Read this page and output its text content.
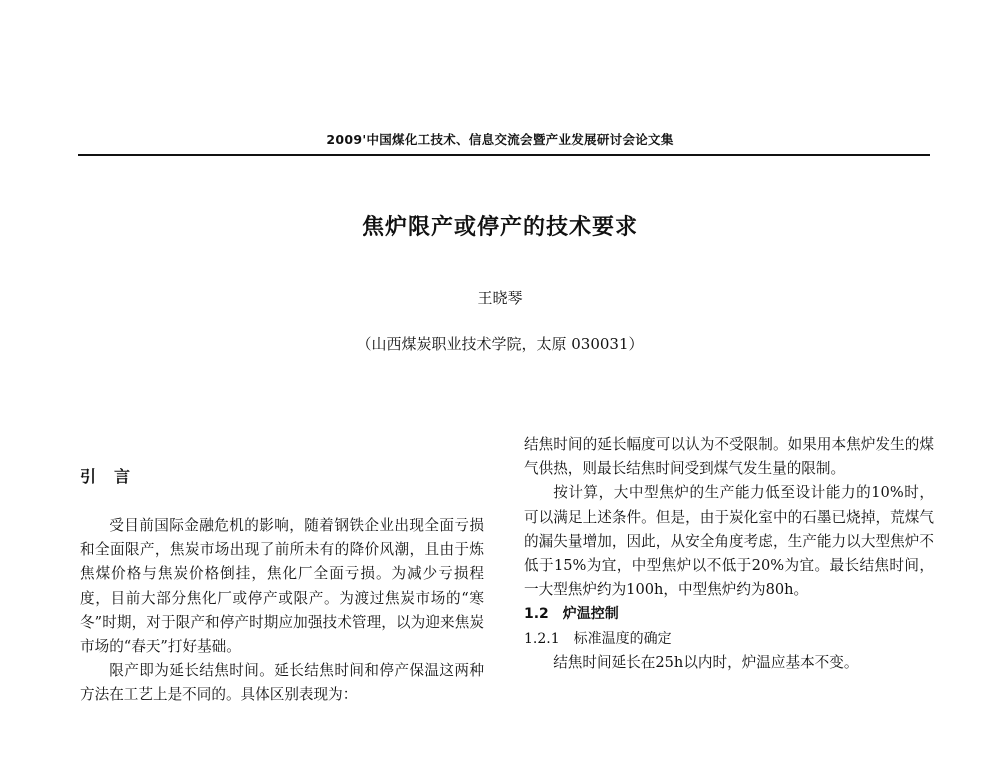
2009'中国煤化工技术、信息交流会暨产业发展研讨会论文集
焦炉限产或停产的技术要求
王晓琴
（山西煤炭职业技术学院，太原 030031）
引言

受目前国际金融危机的影响，随着钢铁企业出现全面亏损和全面限产，焦炭市场出现了前所未有的降价风潮，且由于炼焦煤价格与焦炭价格倒挂，焦化厂全面亏损。为减少亏损程度，目前大部分焦化厂或停产或限产。为渡过焦炭市场的“寒冬”时期，对于限产和停产时期应加强技术管理，以为迎来焦炭市场的“春天”打好基础。

限产即为延长结焦时间。延长结焦时间和停产保温这两种方法在工艺上是不同的。具体区别表现为：

结焦时间的延长幅度可以认为不受限制。如果用本焦炉发生的煤气供热，则最长结焦时间受到煤气发生量的限制。

按计算，大中型焦炉的生产能力低至设计能力的10%时，可以满足上述条件。但是，由于炭化室中的石墨已烧掉，荒煤气的漏失量增加，因此，从安全角度考虑，生产能力以大型焦炉不低于15%为宜，中型焦炉以不低于20%为宜。最长结焦时间，一大型焦炉约为100h，中型焦炉约为80h。

1.2　炉温控制
1.2.1　标准温度的确定

结焦时间延长在25h以内时，炉温应基本不变。
